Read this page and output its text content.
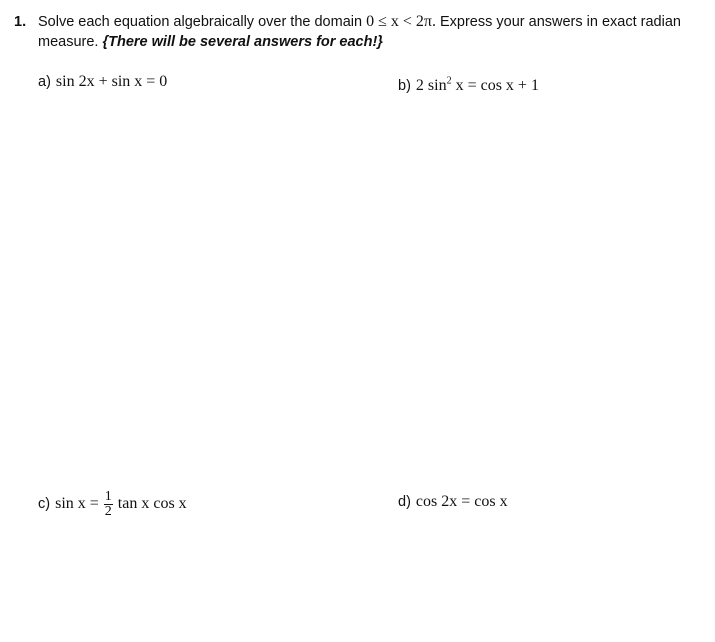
1. Solve each equation algebraically over the domain 0 ≤ x < 2π. Express your answers in exact radian
measure. {There will be several answers for each!}
a) sin 2x + sin x = 0	b) 2 $\sin^2 x = \cos x + 1$
c) $\sin x = \frac{1}{2}$ tan x cos x	d) cos 2x = cos x
